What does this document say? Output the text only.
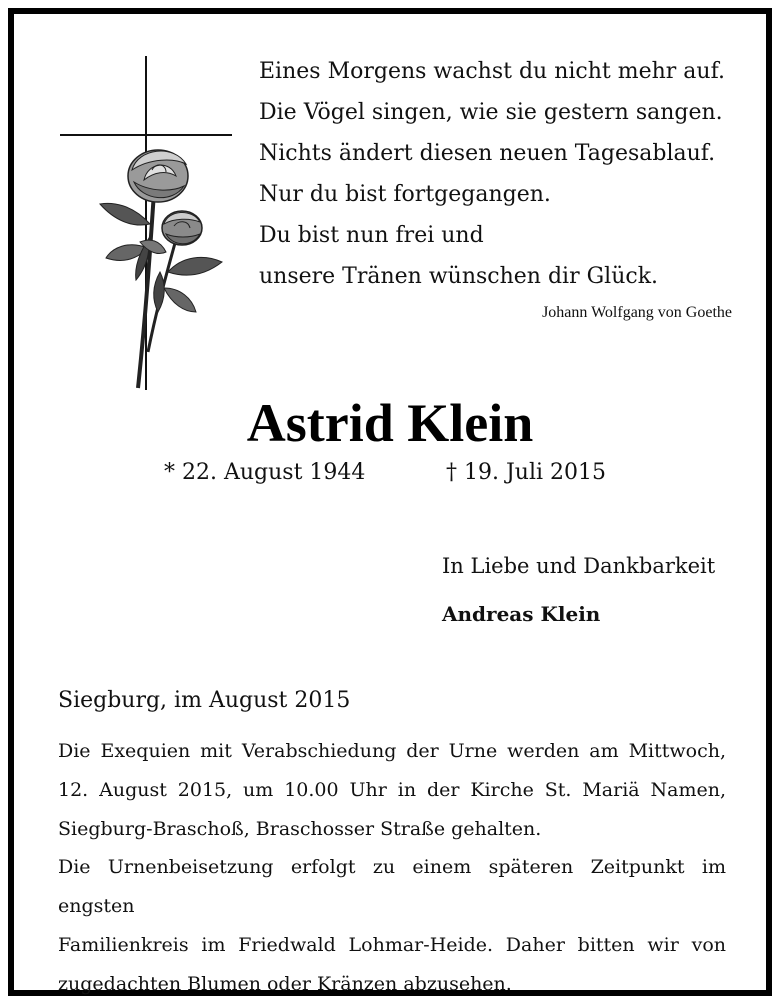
Eines Morgens wachst du nicht mehr auf.
Die Vögel singen, wie sie gestern sangen.
Nichts ändert diesen neuen Tagesablauf.
Nur du bist fortgegangen.
Du bist nun frei und
unsere Tränen wünschen dir Glück.
Johann Wolfgang von Goethe
Astrid Klein
* 22. August 1944	† 19. Juli 2015
In Liebe und Dankbarkeit
Andreas Klein
Siegburg, im August 2015
Die Exequien mit Verabschiedung der Urne werden am Mittwoch,
12. August 2015, um 10.00 Uhr in der Kirche St. Mariä Namen,
Siegburg-Braschoß, Braschosser Straße gehalten.
Die Urnenbeisetzung erfolgt zu einem späteren Zeitpunkt im engsten
Familienkreis im Friedwald Lohmar-Heide. Daher bitten wir von
zugedachten Blumen oder Kränzen abzusehen.
